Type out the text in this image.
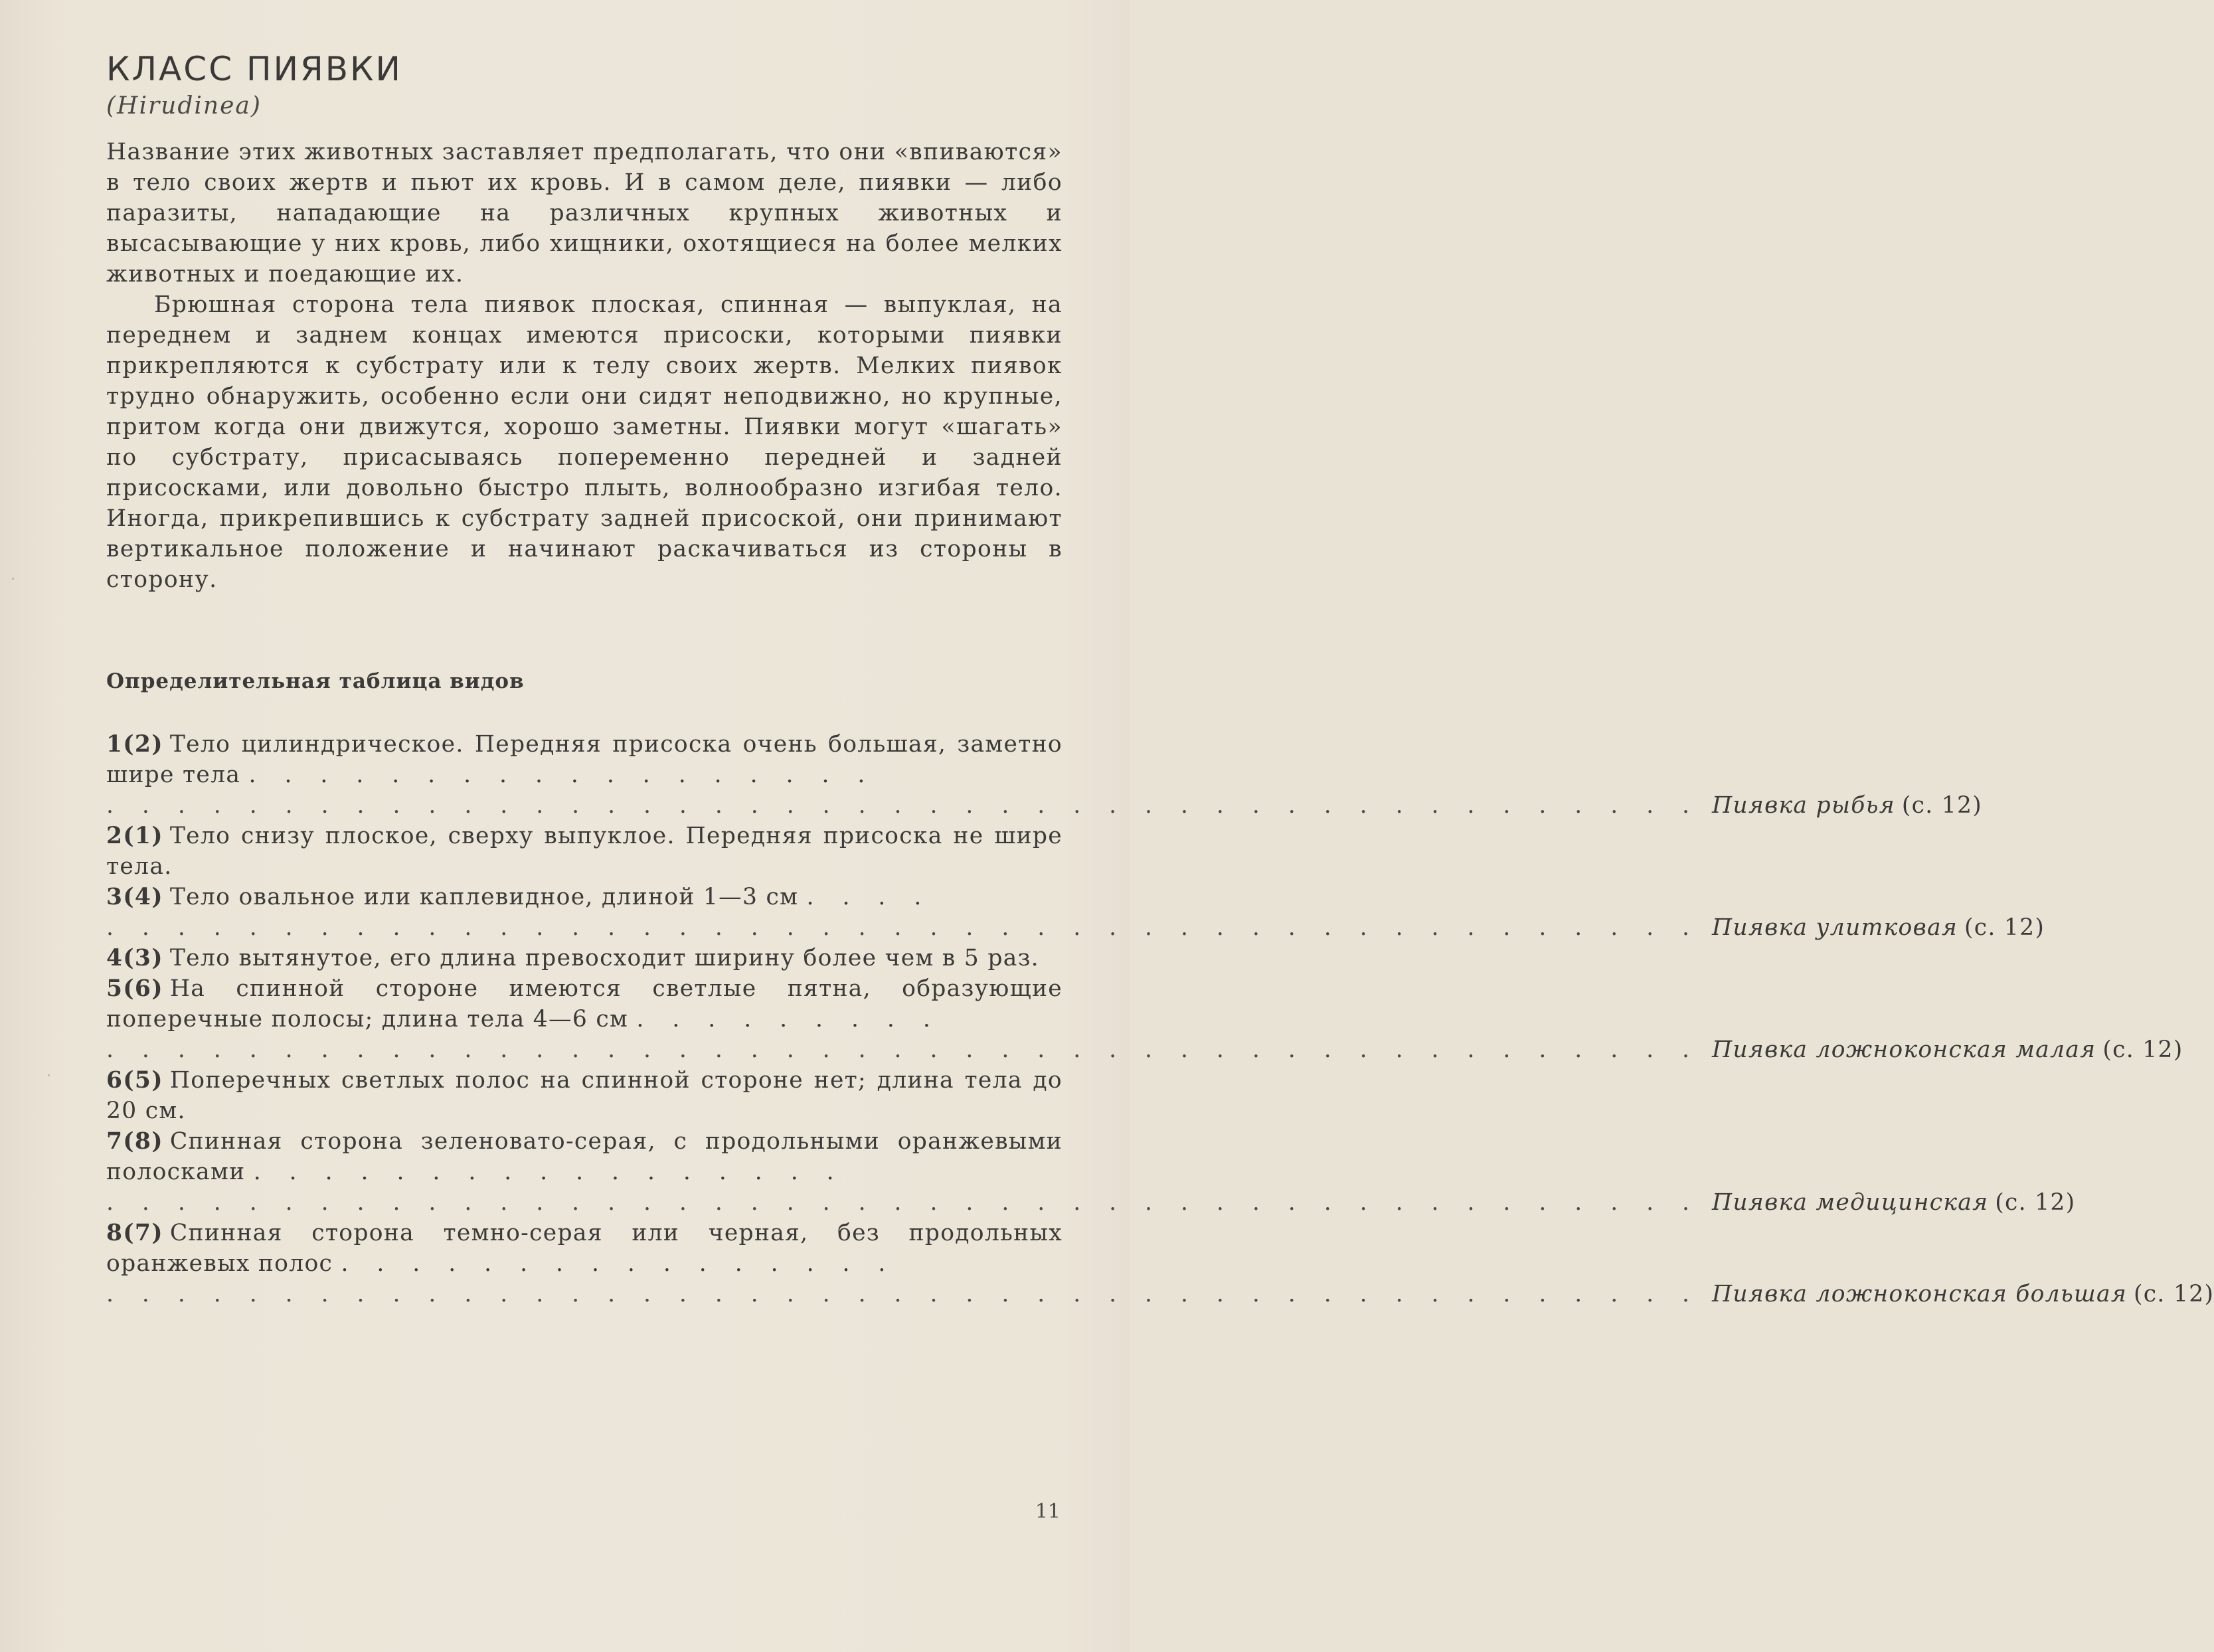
КЛАСС ПИЯВКИ
(Hirudinea)

Название этих животных заставляет предполагать, что они «впиваются» в тело своих жертв и пьют их кровь. И в самом деле, пиявки — либо паразиты, нападающие на различных крупных животных и высасывающие у них кровь, либо хищники, охотящиеся на более мелких животных и поедающие их.

Брюшная сторона тела пиявок плоская, спинная — выпуклая, на переднем и заднем концах имеются присоски, которыми пиявки прикрепляются к субстрату или к телу своих жертв. Мелких пиявок трудно обнаружить, особенно если они сидят неподвижно, но крупные, притом когда они движутся, хорошо заметны. Пиявки могут «шагать» по субстрату, присасываясь попеременно передней и задней присосками, или довольно быстро плыть, волнообразно изгибая тело. Иногда, прикрепившись к субстрату задней присоской, они принимают вертикальное положение и начинают раскачиваться из стороны в сторону.

Определительная таблица видов

1(2) Тело цилиндрическое. Передняя присоска очень большая, заметно шире тела . . . . . . . . . . . . . . . . . .

. . . . . . . . . . . . . . . . . . . . . . . . . . . . . . . . . . . . . . . . . . . . . Пиявка рыбья (с. 12)

2(1) Тело снизу плоское, сверху выпуклое. Передняя присоска не шире тела.

3(4) Тело овальное или каплевидное, длиной 1—3 см . . . .

. . . . . . . . . . . . . . . . . . . . . . . . . . . . . . . . . . . . . . . . . . . . . Пиявка улитковая (с. 12)

4(3) Тело вытянутое, его длина превосходит ширину более чем в 5 раз.

5(6) На спинной стороне имеются светлые пятна, образующие поперечные полосы; длина тела 4—6 см . . . . . . . . .

. . . . . . . . . . . . . . . . . . . . . . . . . . . . . . . . . . . . . . . . . . . . . Пиявка ложноконская малая (с. 12)

6(5) Поперечных светлых полос на спинной стороне нет; длина тела до 20 см.

7(8) Спинная сторона зеленовато-серая, с продольными оранжевыми полосками . . . . . . . . . . . . . . . . .

. . . . . . . . . . . . . . . . . . . . . . . . . . . . . . . . . . . . . . . . . . . . . Пиявка медицинская (с. 12)

8(7) Спинная сторона темно-серая или черная, без продольных оранжевых полос . . . . . . . . . . . . . . . .

. . . . . . . . . . . . . . . . . . . . . . . . . . . . . . . . . . . . . . . . . . . . . Пиявка ложноконская большая (с. 12)
11
